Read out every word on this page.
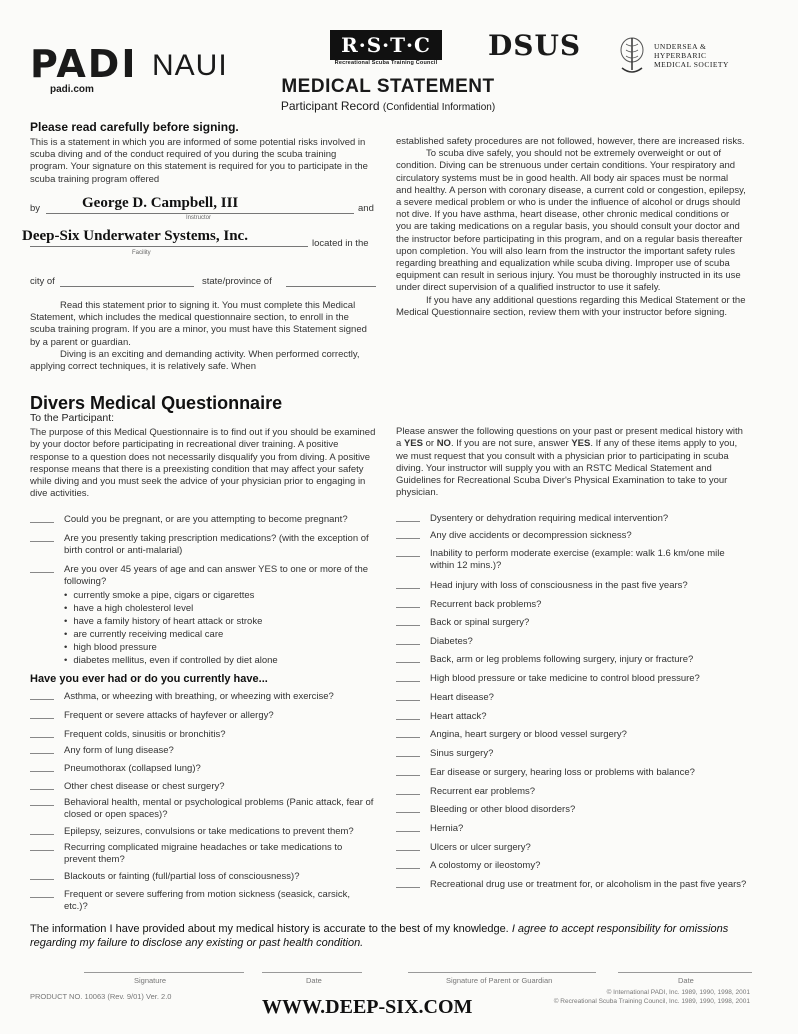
PADI
padi.com
NAUI
R·S·T·C
Recreational Scuba Training Council
DSUS	UNDERSEA &
HYPERBARIC
MEDICAL SOCIETY
MEDICAL STATEMENT
Participant Record (Confidential Information)
Please read carefully before signing.
This is a statement in which you are informed of some potential risks involved in scuba diving and of the conduct required of you during the scuba training program. Your signature on this statement is required for you to participate in the scuba training program offered
by	George D. Campbell, III	and
Instructor
Deep-Six Underwater Systems, Inc.	located in the
Facility
city of	state/province of
Read this statement prior to signing it. You must complete this Medical Statement, which includes the medical questionnaire section, to enroll in the scuba training program. If you are a minor, you must have this Statement signed by a parent or guardian.
Diving is an exciting and demanding activity. When performed correctly, applying correct techniques, it is relatively safe. When
established safety procedures are not followed, however, there are increased risks.
To scuba dive safely, you should not be extremely overweight or out of condition. Diving can be strenuous under certain conditions. Your respiratory and circulatory systems must be in good health. All body air spaces must be normal and healthy. A person with coronary disease, a current cold or congestion, epilepsy, a severe medical problem or who is under the influence of alcohol or drugs should not dive. If you have asthma, heart disease, other chronic medical conditions or you are taking medications on a regular basis, you should consult your doctor and the instructor before participating in this program, and on a regular basis thereafter upon completion. You will also learn from the instructor the important safety rules regarding breathing and equalization while scuba diving. Improper use of scuba equipment can result in serious injury. You must be thoroughly instructed in its use under direct supervision of a qualified instructor to use it safely.
If you have any additional questions regarding this Medical Statement or the Medical Questionnaire section, review them with your instructor before signing.
Divers Medical Questionnaire
To the Participant:
The purpose of this Medical Questionnaire is to find out if you should be examined by your doctor before participating in recreational diver training. A positive response to a question does not necessarily disqualify you from diving. A positive response means that there is a preexisting condition that may affect your safety while diving and you must seek the advice of your physician prior to engaging in dive activities.
Please answer the following questions on your past or present medical history with a YES or NO. If you are not sure, answer YES. If any of these items apply to you, we must request that you consult with a physician prior to participating in scuba diving. Your instructor will supply you with an RSTC Medical Statement and Guidelines for Recreational Scuba Diver's Physical Examination to take to your physician.
Could you be pregnant, or are you attempting to become pregnant?
Are you presently taking prescription medications? (with the exception of birth control or anti-malarial)
Are you over 45 years of age and can answer YES to one or more of the following?
• currently smoke a pipe, cigars or cigarettes
• have a high cholesterol level
• have a family history of heart attack or stroke
• are currently receiving medical care
• high blood pressure
• diabetes mellitus, even if controlled by diet alone
Have you ever had or do you currently have...
Asthma, or wheezing with breathing, or wheezing with exercise?
Frequent or severe attacks of hayfever or allergy?
Frequent colds, sinusitis or bronchitis?
Any form of lung disease?
Pneumothorax (collapsed lung)?
Other chest disease or chest surgery?
Behavioral health, mental or psychological problems (Panic attack, fear of closed or open spaces)?
Epilepsy, seizures, convulsions or take medications to prevent them?
Recurring complicated migraine headaches or take medications to prevent them?
Blackouts or fainting (full/partial loss of consciousness)?
Frequent or severe suffering from motion sickness (seasick, carsick, etc.)?
Dysentery or dehydration requiring medical intervention?
Any dive accidents or decompression sickness?
Inability to perform moderate exercise (example: walk 1.6 km/one mile within 12 mins.)?
Head injury with loss of consciousness in the past five years?
Recurrent back problems?
Back or spinal surgery?
Diabetes?
Back, arm or leg problems following surgery, injury or fracture?
High blood pressure or take medicine to control blood pressure?
Heart disease?
Heart attack?
Angina, heart surgery or blood vessel surgery?
Sinus surgery?
Ear disease or surgery, hearing loss or problems with balance?
Recurrent ear problems?
Bleeding or other blood disorders?
Hernia?
Ulcers or ulcer surgery?
A colostomy or ileostomy?
Recreational drug use or treatment for, or alcoholism in the past five years?
The information I have provided about my medical history is accurate to the best of my knowledge. I agree to accept responsibility for omissions regarding my failure to disclose any existing or past health condition.
Signature	Date	Signature of Parent or Guardian	Date
PRODUCT NO. 10063 (Rev. 9/01) Ver. 2.0	WWW.DEEP-SIX.COM
© International PADI, Inc. 1989, 1990, 1998, 2001
© Recreational Scuba Training Council, Inc. 1989, 1990, 1998, 2001
